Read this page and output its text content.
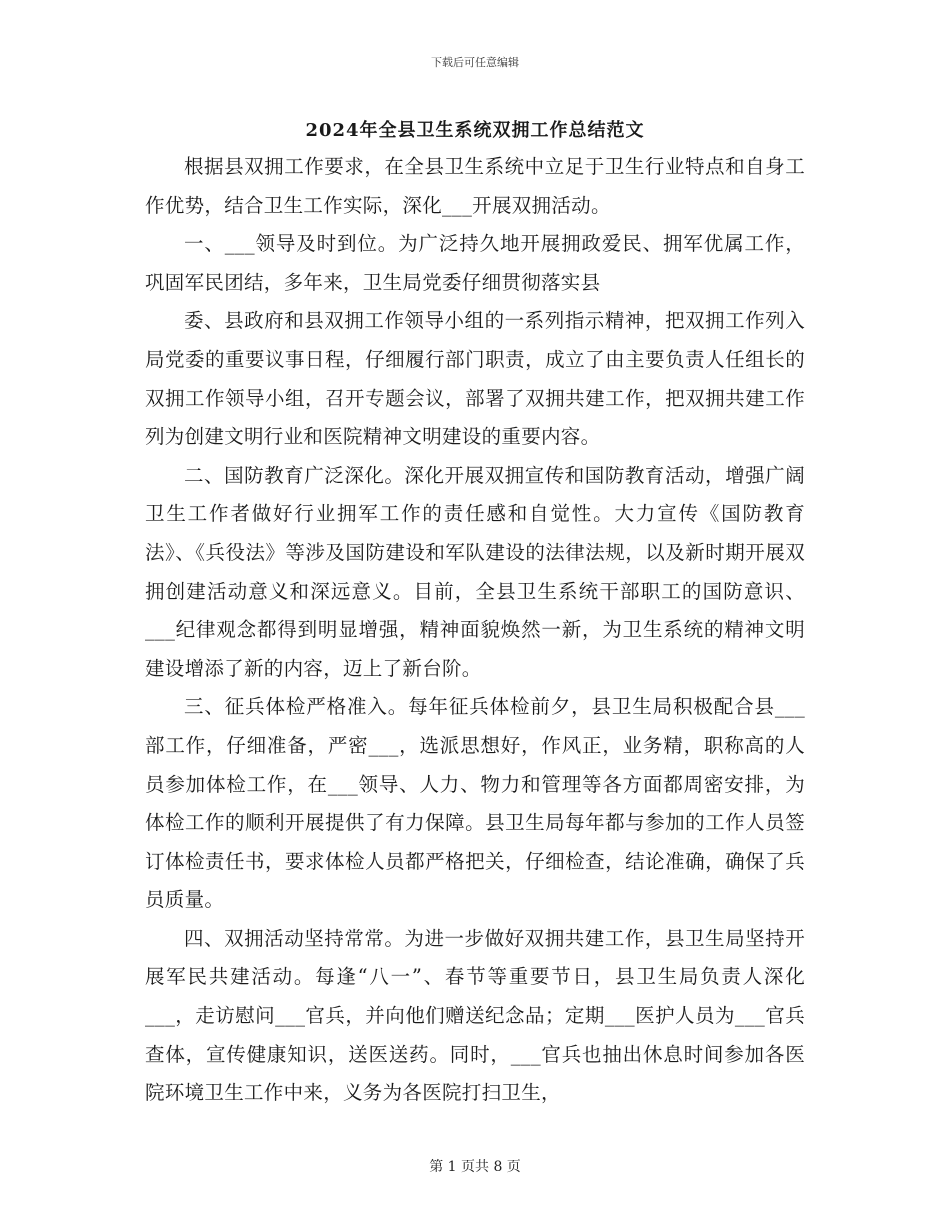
下载后可任意编辑
2024年全县卫生系统双拥工作总结范文

根据县双拥工作要求，在全县卫生系统中立足于卫生行业特点和自身工作优势，结合卫生工作实际，深化___开展双拥活动。

一、___领导及时到位。为广泛持久地开展拥政爱民、拥军优属工作，巩固军民团结，多年来，卫生局党委仔细贯彻落实县

委、县政府和县双拥工作领导小组的一系列指示精神，把双拥工作列入局党委的重要议事日程，仔细履行部门职责，成立了由主要负责人任组长的双拥工作领导小组，召开专题会议，部署了双拥共建工作，把双拥共建工作列为创建文明行业和医院精神文明建设的重要内容。

二、国防教育广泛深化。深化开展双拥宣传和国防教育活动，增强广阔卫生工作者做好行业拥军工作的责任感和自觉性。大力宣传《国防教育法》、《兵役法》等涉及国防建设和军队建设的法律法规，以及新时期开展双拥创建活动意义和深远意义。目前，全县卫生系统干部职工的国防意识、___纪律观念都得到明显增强，精神面貌焕然一新，为卫生系统的精神文明建设增添了新的内容，迈上了新台阶。

三、征兵体检严格准入。每年征兵体检前夕，县卫生局积极配合县___部工作，仔细准备，严密___，选派思想好，作风正，业务精，职称高的人员参加体检工作，在___领导、人力、物力和管理等各方面都周密安排，为体检工作的顺利开展提供了有力保障。县卫生局每年都与参加的工作人员签订体检责任书，要求体检人员都严格把关，仔细检查，结论准确，确保了兵员质量。

四、双拥活动坚持常常。为进一步做好双拥共建工作，县卫生局坚持开展军民共建活动。每逢“八一”、春节等重要节日，县卫生局负责人深化___，走访慰问___官兵，并向他们赠送纪念品；定期___医护人员为___官兵查体，宣传健康知识，送医送药。同时，___官兵也抽出休息时间参加各医院环境卫生工作中来，义务为各医院打扫卫生，

第 1 页共 8 页
